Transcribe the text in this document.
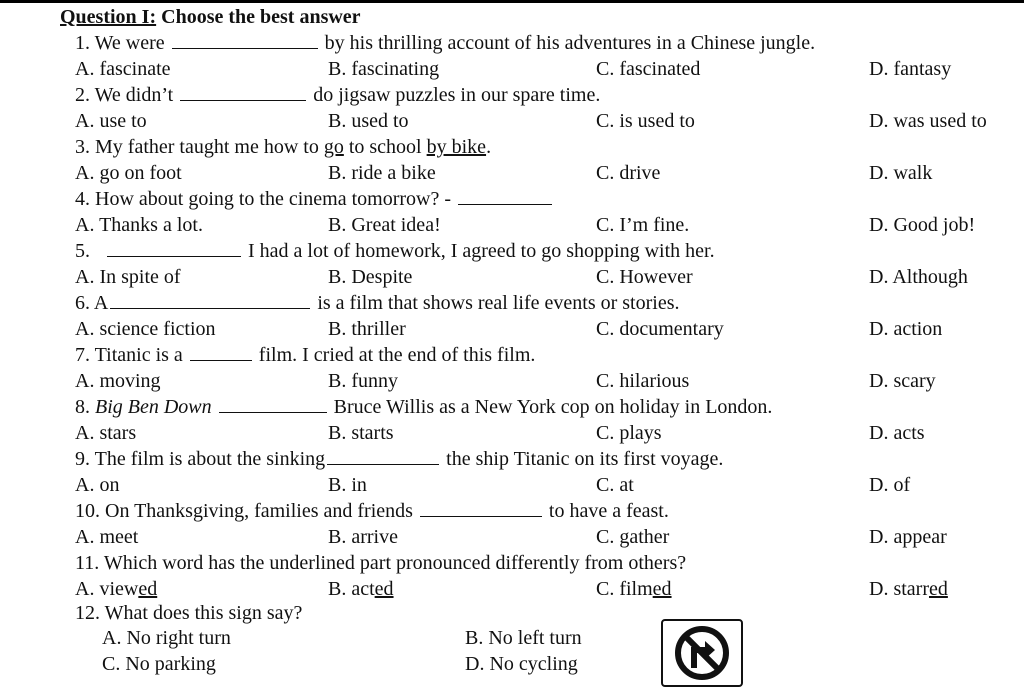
Question I: Choose the best answer
1. We were	by his thrilling account of his adventures in a Chinese jungle.
A. fascinate	B. fascinating	C. fascinated	D. fantasy
2. We didn’t	do jigsaw puzzles in our spare time.
A. use to	B. used to	C. is used to	D. was used to
3. My father taught me how to go to school by bike.
A. go on foot	B. ride a bike	C. drive	D. walk
4. How about going to the cinema tomorrow? -
A. Thanks a lot.	B. Great idea!	C. I’m fine.	D. Good job!
5.	I had a lot of homework, I agreed to go shopping with her.
A. In spite of	B. Despite	C. However	D. Although
6. A	is a film that shows real life events or stories.
A. science fiction	B. thriller	C. documentary	D. action
7. Titanic is a	film. I cried at the end of this film.
A. moving	B. funny	C. hilarious	D. scary
8. Big Ben Down	Bruce Willis as a New York cop on holiday in London.
A. stars	B. starts	C. plays	D. acts
9. The film is about the sinking	the ship Titanic on its first voyage.
A. on	B. in	C. at	D. of
10. On Thanksgiving, families and friends	to have a feast.
A. meet	B. arrive	C. gather	D. appear
11. Which word has the underlined part pronounced differently from others?
A. viewed	B. acted	C. filmed	D. starred
12. What does this sign say?
A. No right turn	B. No left turn
C. No parking	D. No cycling
